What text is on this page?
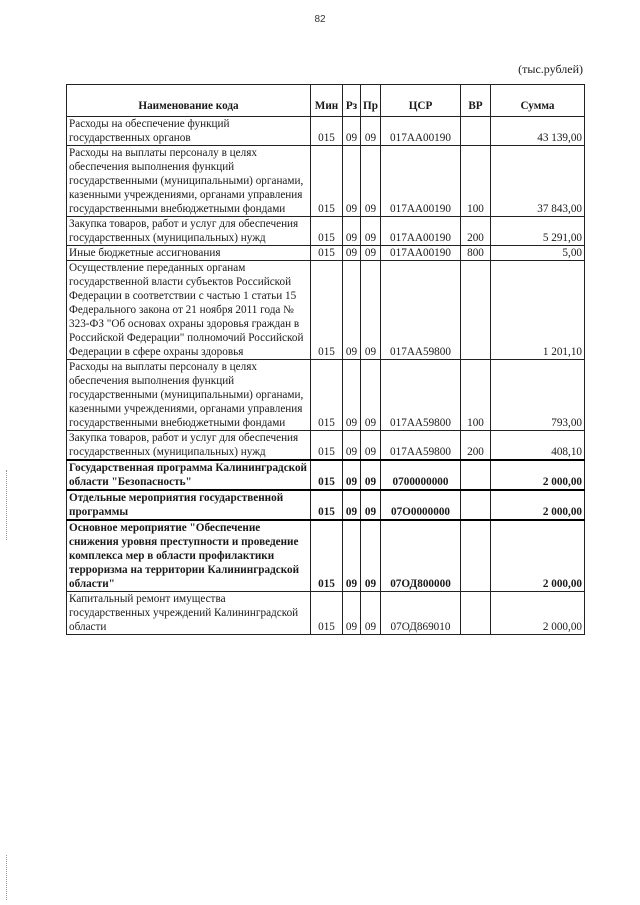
82
(тыс.рублей)
Наименование кода	Мин	Рз	Пр	ЦСР	ВР	Сумма
Расходы на обеспечение функций государственных органов	015	09	09	017АА00190		43 139,00
Расходы на выплаты персоналу в целях обеспечения выполнения функций государственными (муниципальными) органами, казенными учреждениями, органами управления государственными внебюджетными фондами	015	09	09	017АА00190	100	37 843,00
Закупка товаров, работ и услуг для обеспечения государственных (муниципальных) нужд	015	09	09	017АА00190	200	5 291,00
Иные бюджетные ассигнования	015	09	09	017АА00190	800	5,00
Осуществление переданных органам государственной власти субъектов Российской Федерации в соответствии с частью 1 статьи 15 Федерального закона от 21 ноября 2011 года № 323-ФЗ "Об основах охраны здоровья граждан в Российской Федерации" полномочий Российской Федерации в сфере охраны здоровья	015	09	09	017АА59800		1 201,10
Расходы на выплаты персоналу в целях обеспечения выполнения функций государственными (муниципальными) органами, казенными учреждениями, органами управления государственными внебюджетными фондами	015	09	09	017АА59800	100	793,00
Закупка товаров, работ и услуг для обеспечения государственных (муниципальных) нужд	015	09	09	017АА59800	200	408,10
Государственная программа Калининградской области "Безопасность"	015	09	09	0700000000		2 000,00
Отдельные мероприятия государственной программы	015	09	09	07О0000000		2 000,00
Основное мероприятие "Обеспечение снижения уровня преступности и проведение комплекса мер в области профилактики терроризма на территории Калининградской области"	015	09	09	07ОД800000		2 000,00
Капитальный ремонт имущества государственных учреждений Калининградской области	015	09	09	07ОД869010		2 000,00
